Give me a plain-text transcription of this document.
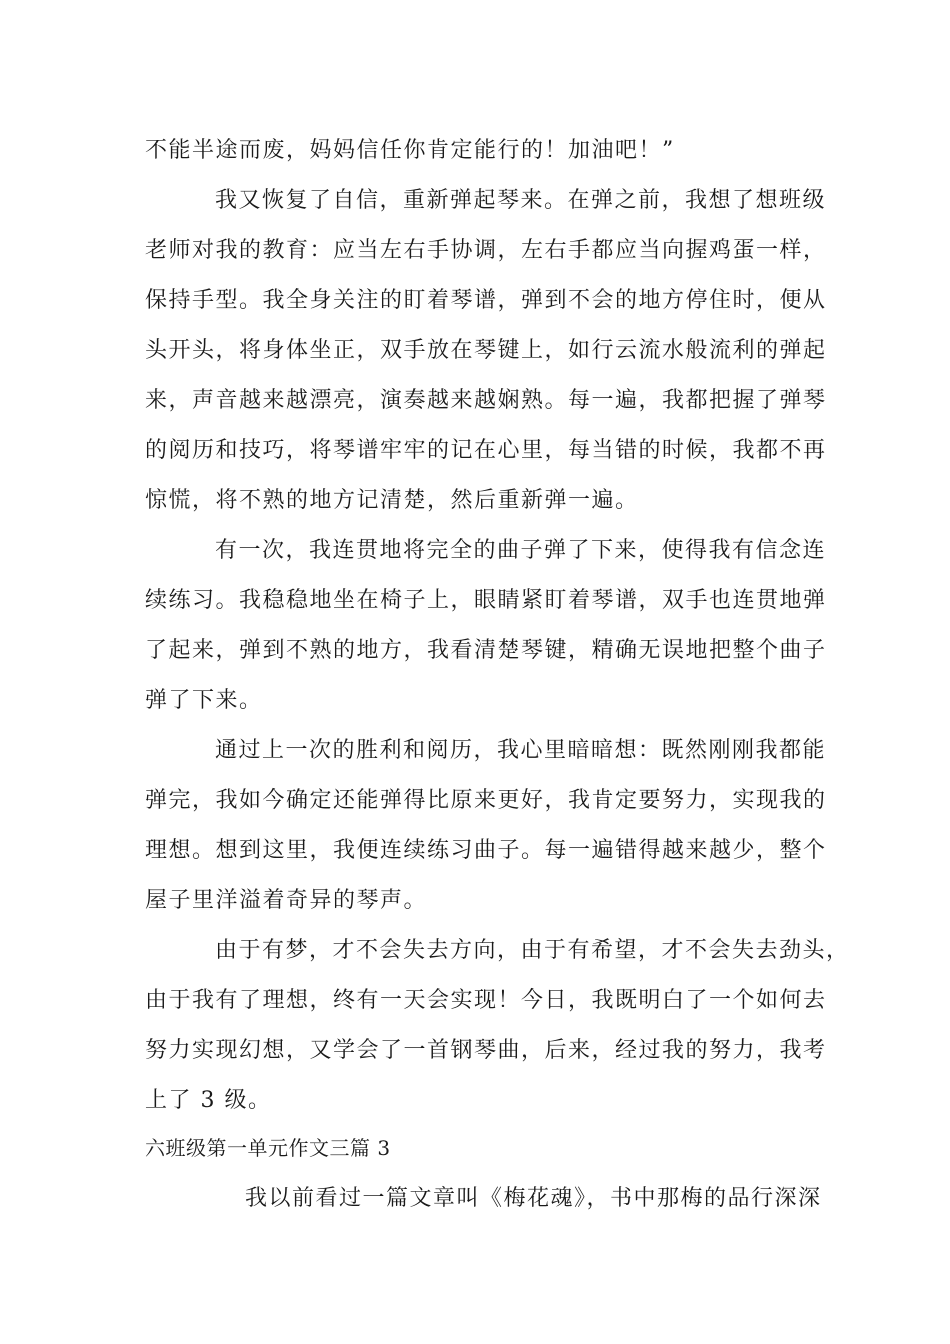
不能半途而废，妈妈信任你肯定能行的！加油吧！”
我又恢复了自信，重新弹起琴来。在弹之前，我想了想班级
老师对我的教育：应当左右手协调，左右手都应当向握鸡蛋一样，
保持手型。我全身关注的盯着琴谱，弹到不会的地方停住时，便从
头开头，将身体坐正，双手放在琴键上，如行云流水般流利的弹起
来，声音越来越漂亮，演奏越来越娴熟。每一遍，我都把握了弹琴
的阅历和技巧，将琴谱牢牢的记在心里，每当错的时候，我都不再
惊慌，将不熟的地方记清楚，然后重新弹一遍。
有一次，我连贯地将完全的曲子弹了下来，使得我有信念连
续练习。我稳稳地坐在椅子上，眼睛紧盯着琴谱，双手也连贯地弹
了起来，弹到不熟的地方，我看清楚琴键，精确无误地把整个曲子
弹了下来。
通过上一次的胜利和阅历，我心里暗暗想：既然刚刚我都能
弹完，我如今确定还能弹得比原来更好，我肯定要努力，实现我的
理想。想到这里，我便连续练习曲子。每一遍错得越来越少，整个
屋子里洋溢着奇异的琴声。
由于有梦，才不会失去方向，由于有希望，才不会失去劲头，
由于我有了理想，终有一天会实现！今日，我既明白了一个如何去
努力实现幻想，又学会了一首钢琴曲，后来，经过我的努力，我考
上了 3 级。
我以前看过一篇文章叫《梅花魂》，书中那梅的品行深深
六班级第一单元作文三篇 3
